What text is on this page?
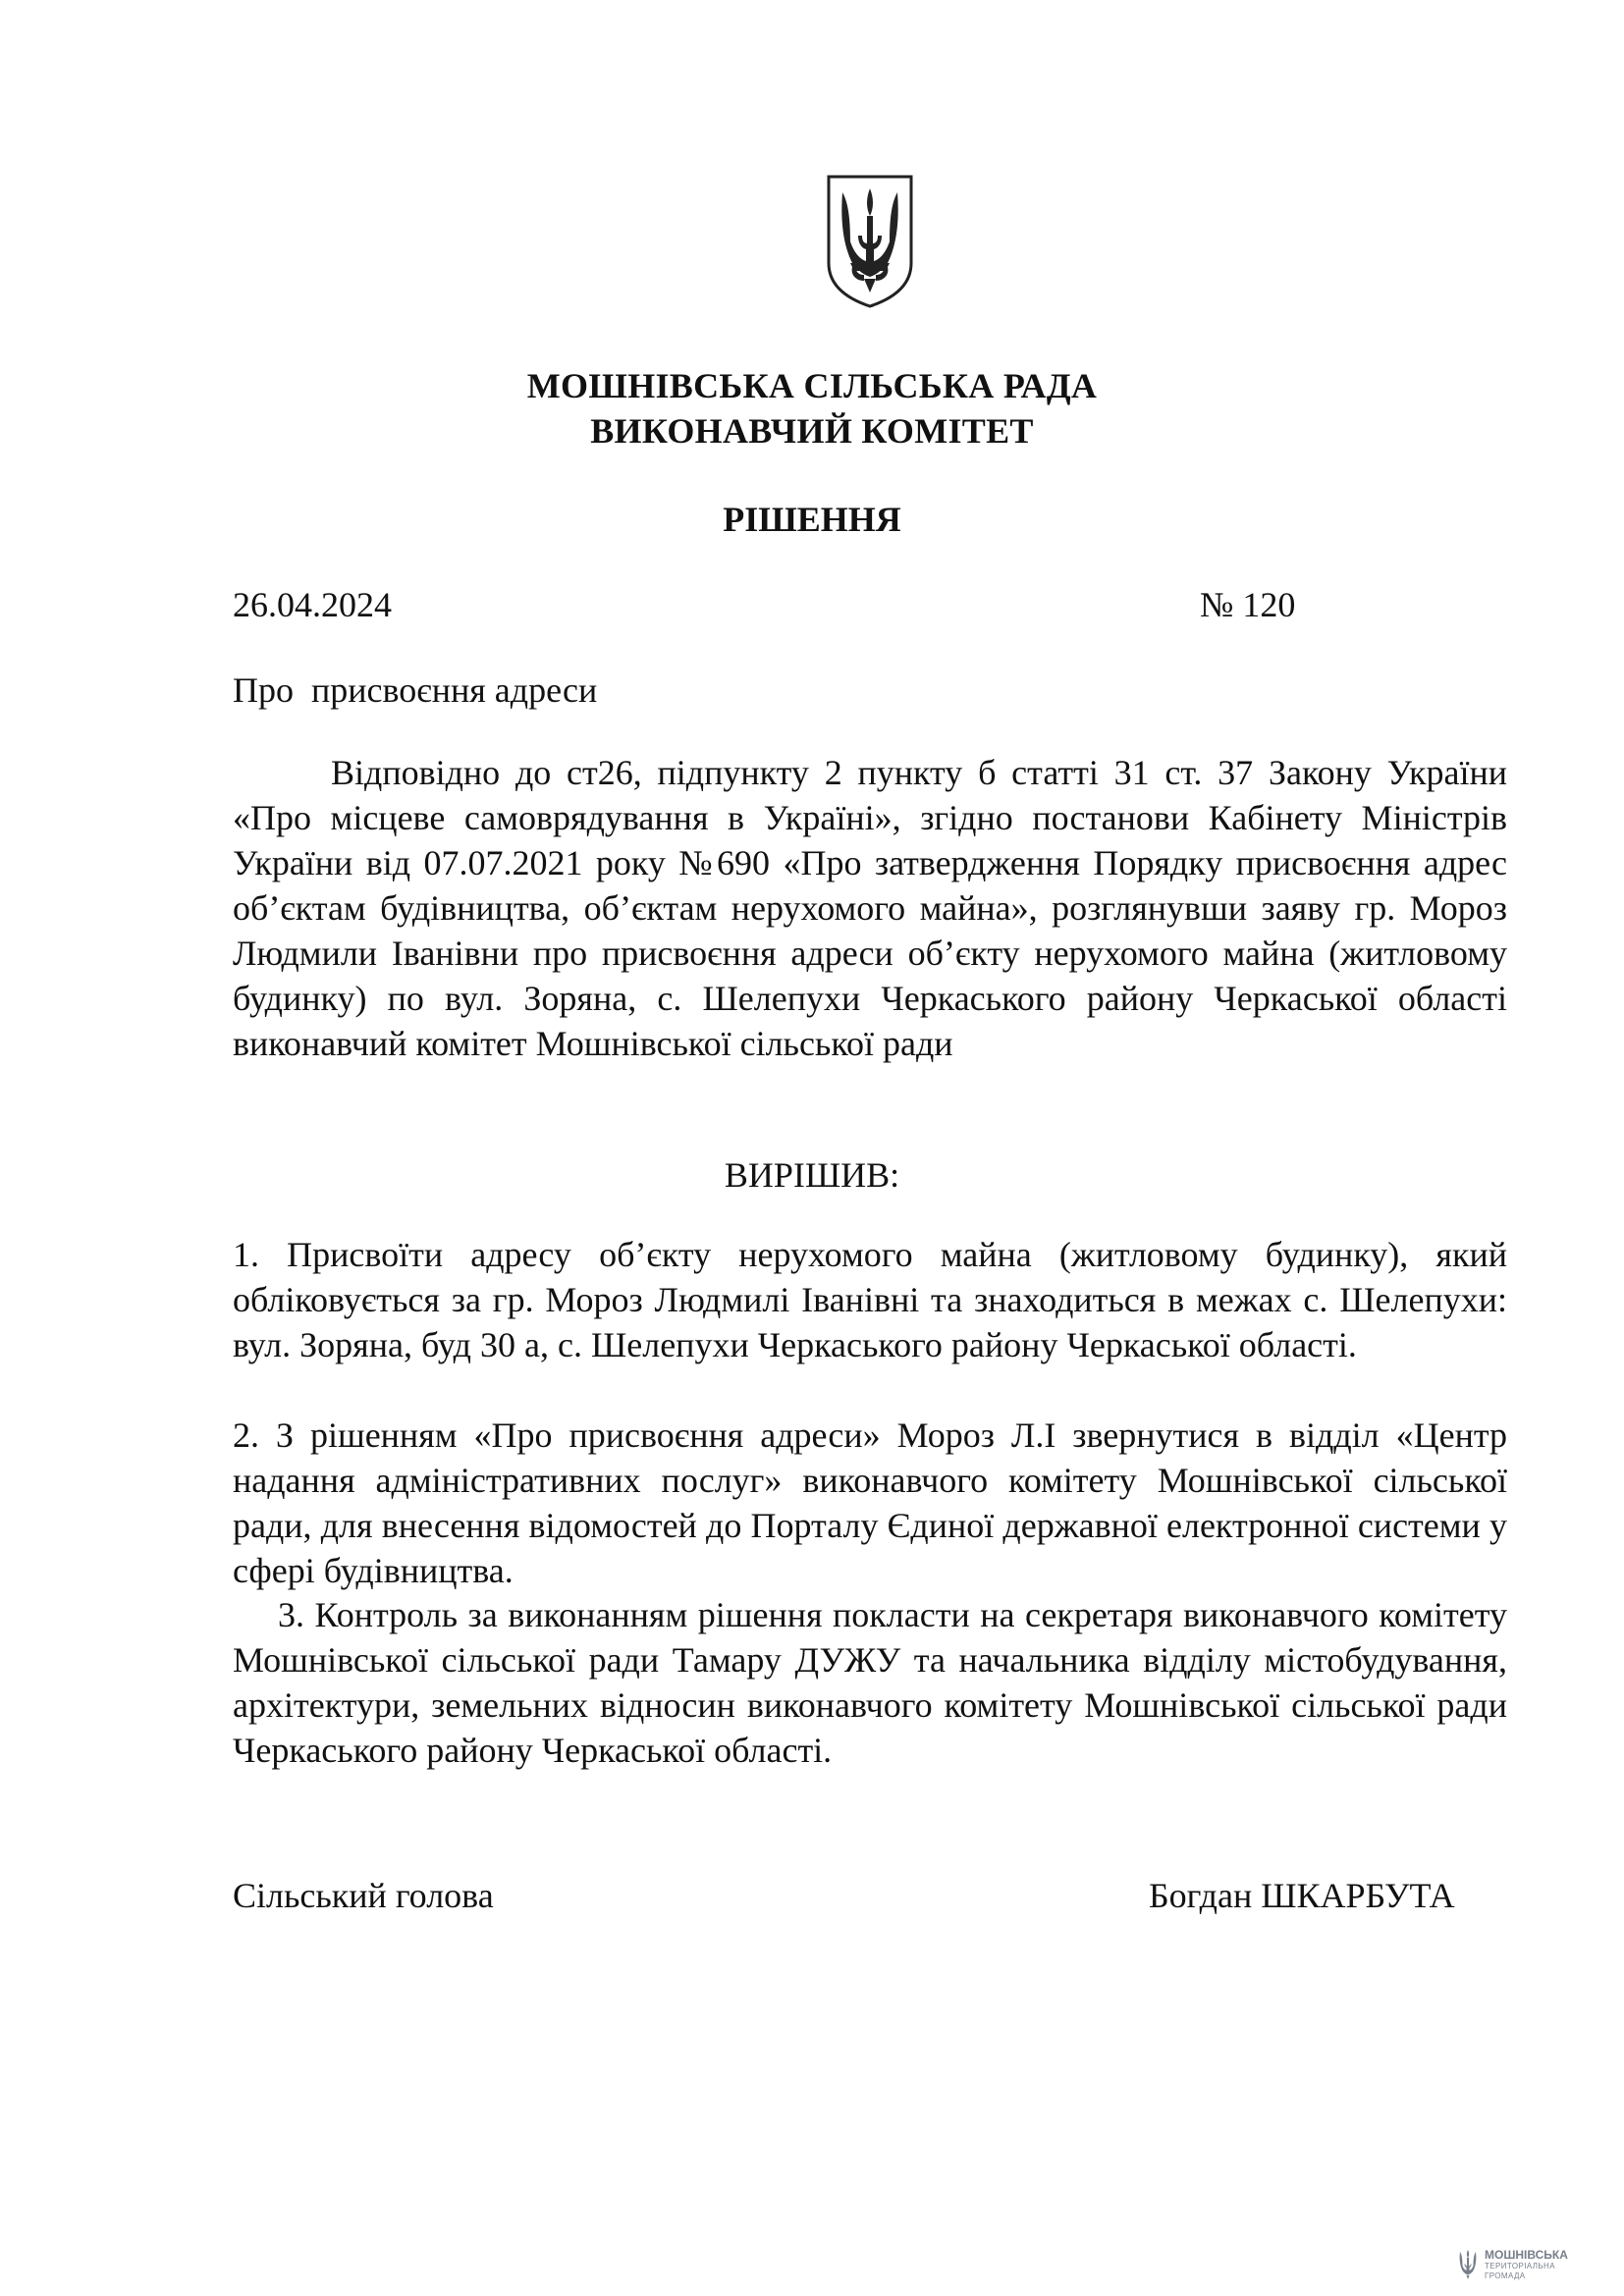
МОШНІВСЬКА СІЛЬСЬКА РАДА
ВИКОНАВЧИЙ КОМІТЕТ
РІШЕННЯ
26.04.2024	№ 120
Про  присвоєння адреси
Відповідно до ст26, підпункту 2 пункту б статті 31 ст. 37 Закону України «Про місцеве самоврядування в Україні», згідно постанови Кабінету Міністрів України від 07.07.2021 року №690 «Про затвердження Порядку присвоєння адрес об’єктам будівництва, об’єктам нерухомого майна», розглянувши заяву гр. Мороз Людмили Іванівни про присвоєння адреси об’єкту нерухомого майна (житловому будинку) по вул. Зоряна, с. Шелепухи Черкаського району Черкаської області виконавчий комітет Мошнівської сільської ради
ВИРІШИВ:
1. Присвоїти адресу об’єкту нерухомого майна (житловому будинку), який обліковується за гр. Мороз Людмилі Іванівні та знаходиться в межах с. Шелепухи: вул. Зоряна, буд 30 а, с. Шелепухи Черкаського району Черкаської області.
2. З рішенням «Про присвоєння адреси» Мороз Л.І звернутися в відділ «Центр надання адміністративних послуг» виконавчого комітету Мошнівської сільської ради, для внесення відомостей до Порталу Єдиної державної електронної системи у сфері будівництва.
3. Контроль за виконанням рішення покласти на секретаря виконавчого комітету Мошнівської сільської ради Тамару ДУЖУ та начальника відділу містобудування, архітектури, земельних відносин виконавчого комітету Мошнівської сільської ради Черкаського району Черкаської області.
Сільський голова	Богдан ШКАРБУТА
МОШНІВСЬКА
ТЕРИТОРІАЛЬНА
ГРОМАДА
